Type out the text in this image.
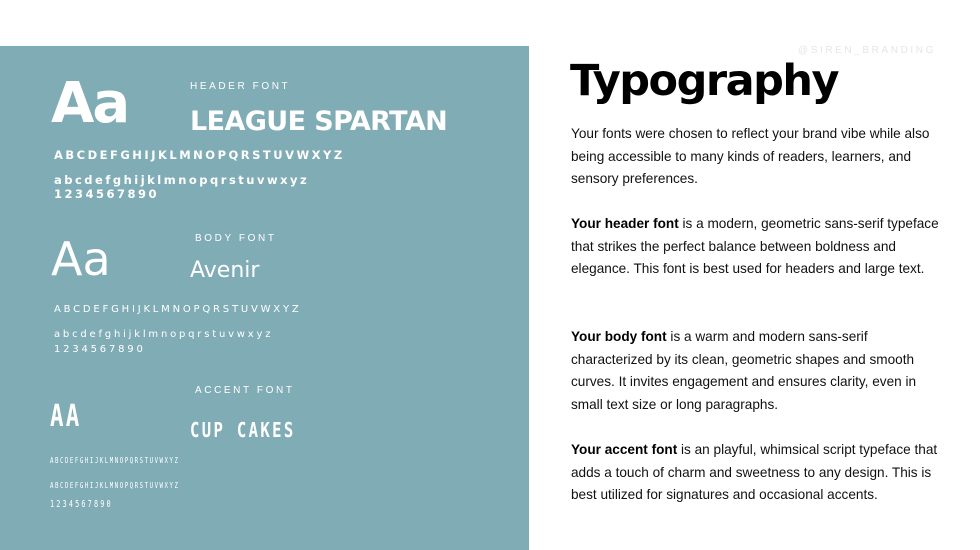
Aa	HEADER FONT
LEAGUE SPARTAN
ABCDEFGHIJKLMNOPQRSTUVWXYZ
abcdefghijklmnopqrstuvwxyz
1234567890
Aa	BODY FONT
Avenir
ABCDEFGHIJKLMNOPQRSTUVWXYZ
abcdefghijklmnopqrstuvwxyz
1234567890
AA
ACCENT FONT
CUP CAKES
ABCDEFGHIJKLMNOPQRSTUVWXYZ
ABCDEFGHIJKLMNOPQRSTUVWXYZ
1234567890
@SIREN_BRANDING
Typography

Your fonts were chosen to reflect your brand vibe while also being accessible to many kinds of readers, learners, and sensory preferences.

Your header font is a modern, geometric sans-serif typeface that strikes the perfect balance between boldness and elegance. This font is best used for headers and large text.

Your body font is a warm and modern sans-serif characterized by its clean, geometric shapes and smooth curves. It invites engagement and ensures clarity, even in small text size or long paragraphs.

Your accent font is an playful, whimsical script typeface that adds a touch of charm and sweetness to any design. This is best utilized for signatures and occasional accents.
